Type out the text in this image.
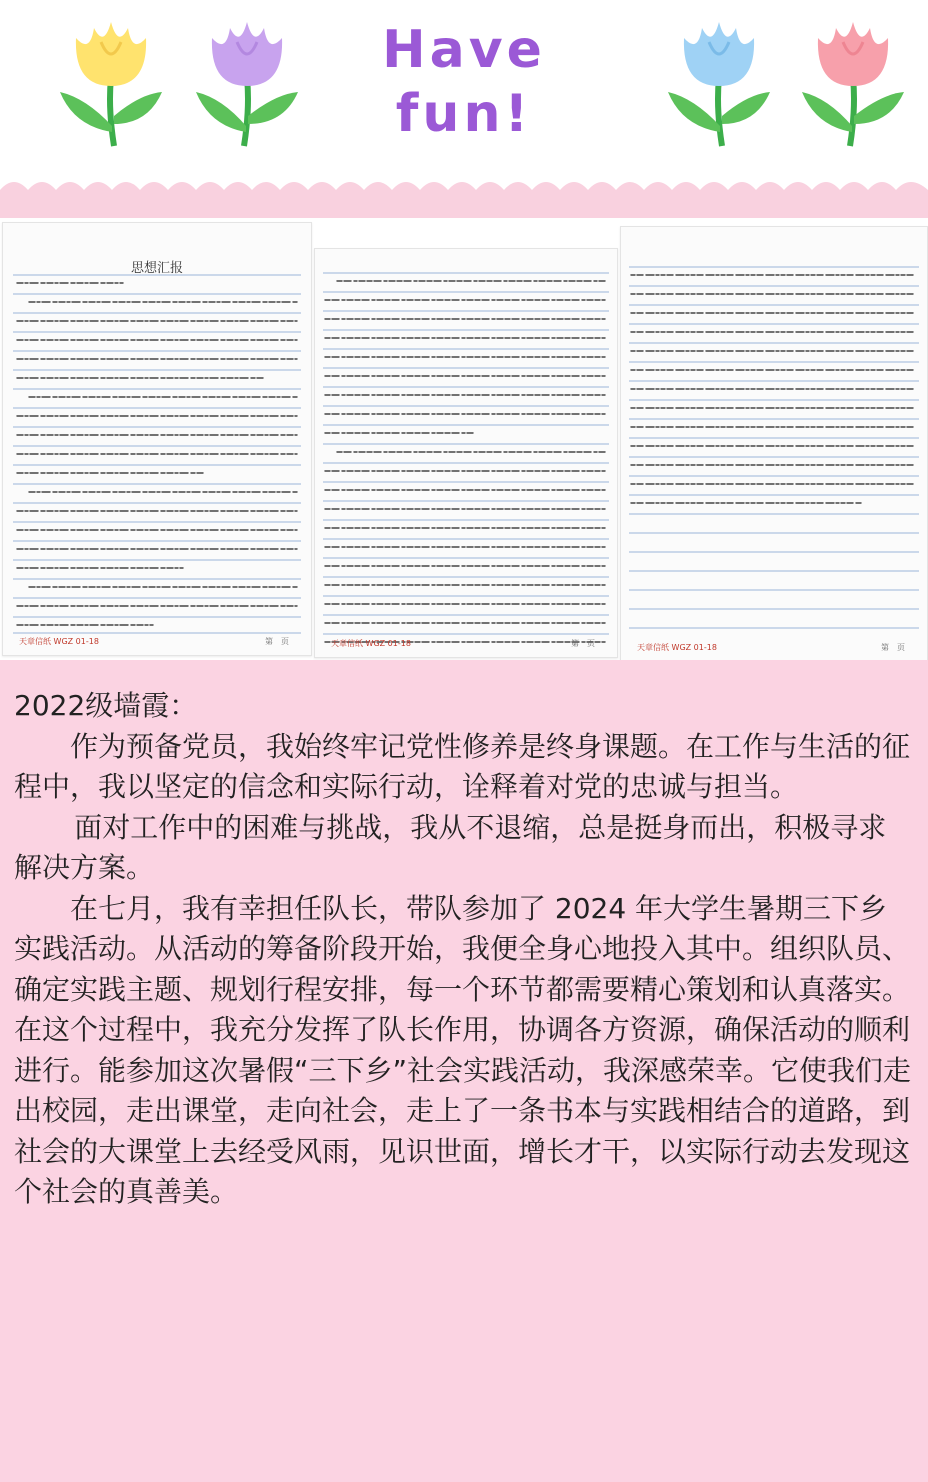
Have
fun!
思想汇报
天章信纸 WGZ 01-18	第　页	天章信纸 WGZ 01-18	第　页	天章信纸 WGZ 01-18	第　页

2022级墙霞：

作为预备党员，我始终牢记党性修养是终身课题。在工作与生活的征程中，我以坚定的信念和实际行动，诠释着对党的忠诚与担当。

面对工作中的困难与挑战，我从不退缩，总是挺身而出，积极寻求解决方案。

在七月，我有幸担任队长，带队参加了 2024 年大学生暑期三下乡实践活动。从活动的筹备阶段开始，我便全身心地投入其中。组织队员、确定实践主题、规划行程安排，每一个环节都需要精心策划和认真落实。在这个过程中，我充分发挥了队长作用，协调各方资源，确保活动的顺利进行。能参加这次暑假“三下乡”社会实践活动，我深感荣幸。它使我们走出校园，走出课堂，走向社会，走上了一条书本与实践相结合的道路，到社会的大课堂上去经受风雨，见识世面，增长才干，以实际行动去发现这个社会的真善美。
